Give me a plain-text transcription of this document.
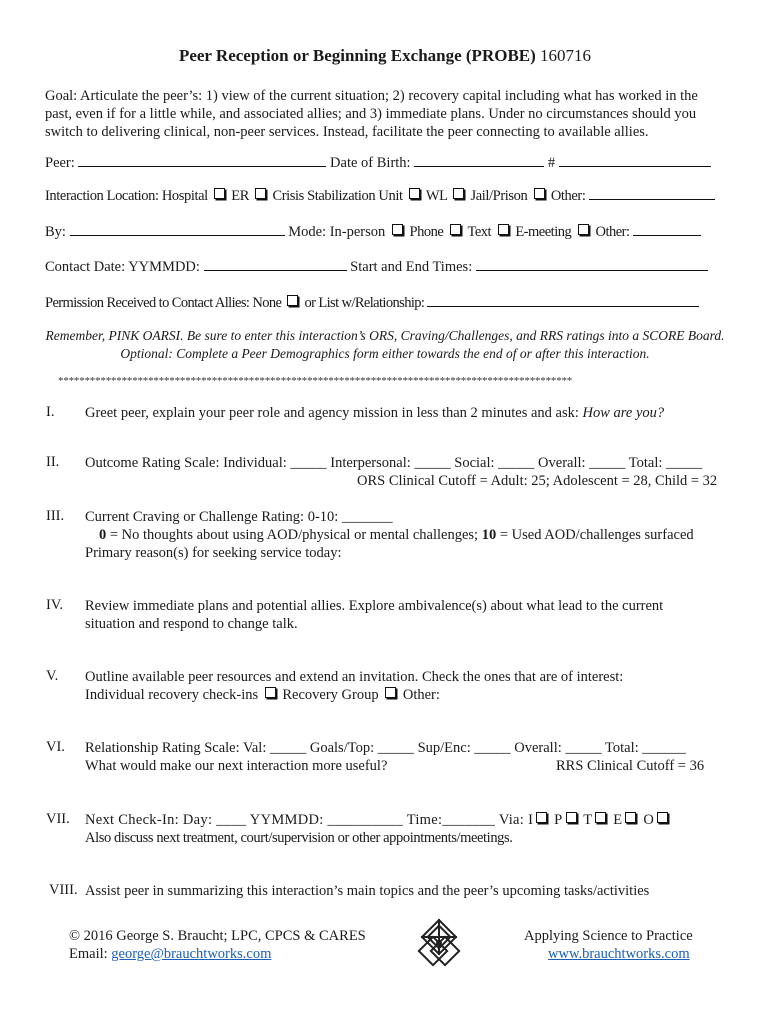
Peer Reception or Beginning Exchange (PROBE) 160716
Goal: Articulate the peer’s: 1) view of the current situation; 2) recovery capital including what has worked in the past, even if for a little while, and associated allies; and 3) immediate plans. Under no circumstances should you switch to delivering clinical, non-peer services. Instead, facilitate the peer connecting to available allies.
Peer:	Date of Birth:	#
Interaction Location: Hospital ER Crisis Stabilization Unit WL Jail/Prison Other:
By:	Mode: In-person Phone Text E-meeting Other:
Contact Date: YYMMDD:	Start and End Times:
Permission Received to Contact Allies: None or List w/Relationship:
Remember, PINK OARSI. Be sure to enter this interaction’s ORS, Craving/Challenges, and RRS ratings into a SCORE Board. Optional: Complete a Peer Demographics form either towards the end of or after this interaction.
*************************************************************************************************
I. Greet peer, explain your peer role and agency mission in less than 2 minutes and ask: How are you?
II. Outcome Rating Scale: Individual: _____ Interpersonal: _____ Social: _____ Overall: _____ Total: _____
ORS Clinical Cutoff = Adult: 25; Adolescent = 28, Child = 32
III. Current Craving or Challenge Rating: 0-10: _______
0 = No thoughts about using AOD/physical or mental challenges; 10 = Used AOD/challenges surfaced
Primary reason(s) for seeking service today:
IV. Review immediate plans and potential allies. Explore ambivalence(s) about what lead to the current
situation and respond to change talk.
V. Outline available peer resources and extend an invitation. Check the ones that are of interest:
Individual recovery check-ins Recovery Group Other:
VI. Relationship Rating Scale: Val: _____ Goals/Top: _____ Sup/Enc: _____ Overall: _____ Total: ______
What would make our next interaction more useful?	RRS Clinical Cutoff = 36
VII. Next Check-In: Day: ____ YYMMDD: __________ Time:_______ Via: I P T E O
Also discuss next treatment, court/supervision or other appointments/meetings.
VIII. Assist peer in summarizing this interaction’s main topics and the peer’s upcoming tasks/activities
© 2016 George S. Braucht; LPC, CPCS & CARES
Email: george@brauchtworks.com
Applying Science to Practice
www.brauchtworks.com
